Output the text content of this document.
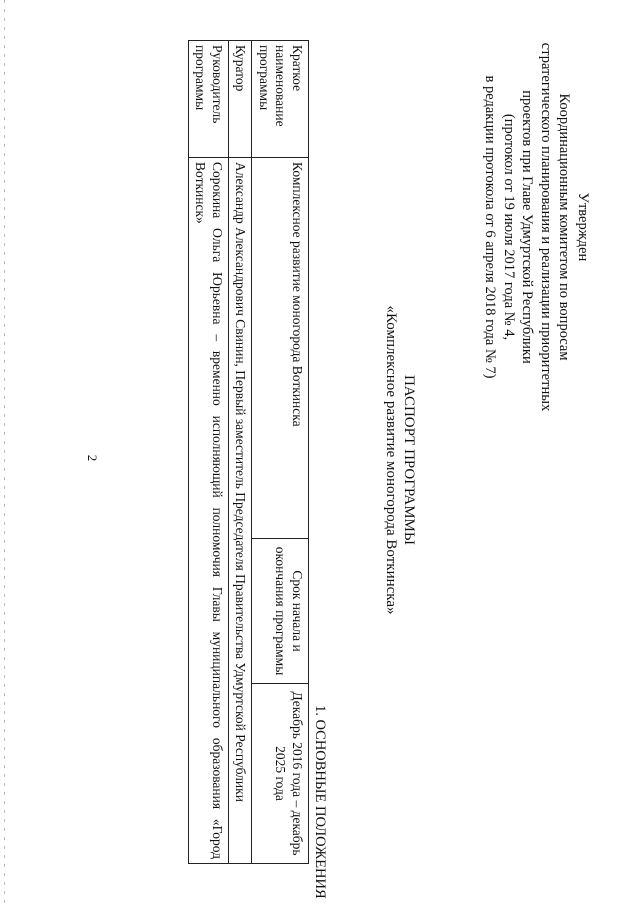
2
Утвержден
Координационным комитетом по вопросам
стратегического планирования и реализации приоритетных
проектов при Главе Удмуртской Республики
(протокол от 19 июля 2017 года № 4,
в редакции протокола от 6 апреля 2018 года № 7)
ПАСПОРТ ПРОГРАММЫ
«Комплексное развитие моногорода Воткинска»
1. ОСНОВНЫЕ ПОЛОЖЕНИЯ
Краткое наименование программы	Комплексное развитие моногорода Воткинска	Срок начала и окончания программы	Декабрь 2016 года – декабрь 2025 года
Куратор	Александр Александрович Свинин, Первый заместитель Председателя Правительства Удмуртской Республики		
Руководитель программы	Сорокина Ольга Юрьевна – временно исполняющий полномочия Главы муниципального образования «Город Воткинск»		
